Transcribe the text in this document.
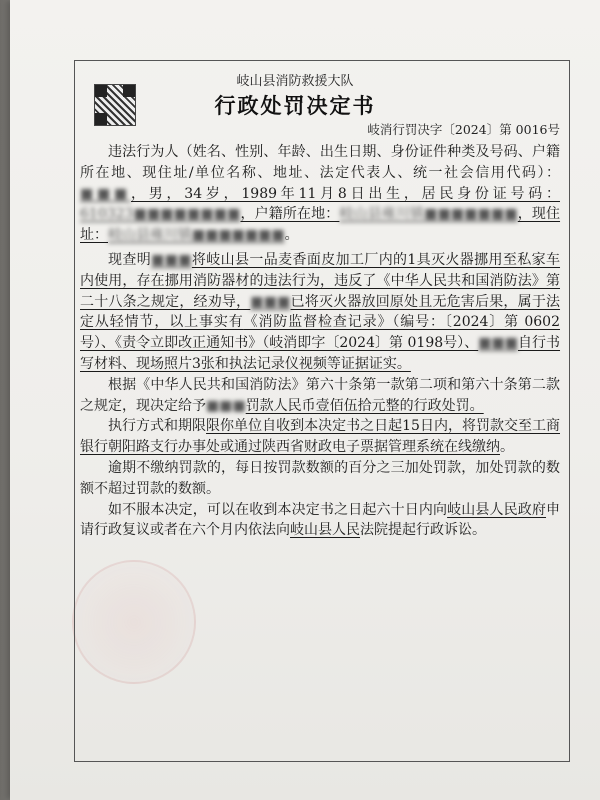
岐山县消防救援大队
行政处罚决定书
岐消行罚决字〔2024〕第 0016号

违法行为人（姓名、性别、年龄、出生日期、身份证件种类及号码、户籍所在地、现住址/单位名称、地址、法定代表人、统一社会信用代码）：■■■，男，34岁，1989年11月8日出生，居民身份证号码：610323■■■■■■■■，户籍所在地：岐山县雍川镇■■■■■■■，现住址：岐山县雍川镇■■■■■■■。

现查明■■■将岐山县一品麦香面皮加工厂内的1具灭火器挪用至私家车内使用，存在挪用消防器材的违法行为，违反了《中华人民共和国消防法》第二十八条之规定，经劝导，■■■已将灭火器放回原处且无危害后果，属于法定从轻情节，以上事实有《消防监督检查记录》（编号：〔2024〕第 0602号）、《责令立即改正通知书》（岐消即字〔2024〕第 0198号）、■■■自行书写材料、现场照片3张和执法记录仪视频等证据证实。

根据《中华人民共和国消防法》第六十条第一款第二项和第六十条第二款之规定，现决定给予■■■罚款人民币壹佰伍拾元整的行政处罚。

执行方式和期限限你单位自收到本决定书之日起15日内，将罚款交至工商银行朝阳路支行办事处或通过陕西省财政电子票据管理系统在线缴纳。

逾期不缴纳罚款的，每日按罚款数额的百分之三加处罚款，加处罚款的数额不超过罚款的数额。

如不服本决定，可以在收到本决定书之日起六十日内向岐山县人民政府申请行政复议或者在六个月内依法向岐山县人民法院提起行政诉讼。
